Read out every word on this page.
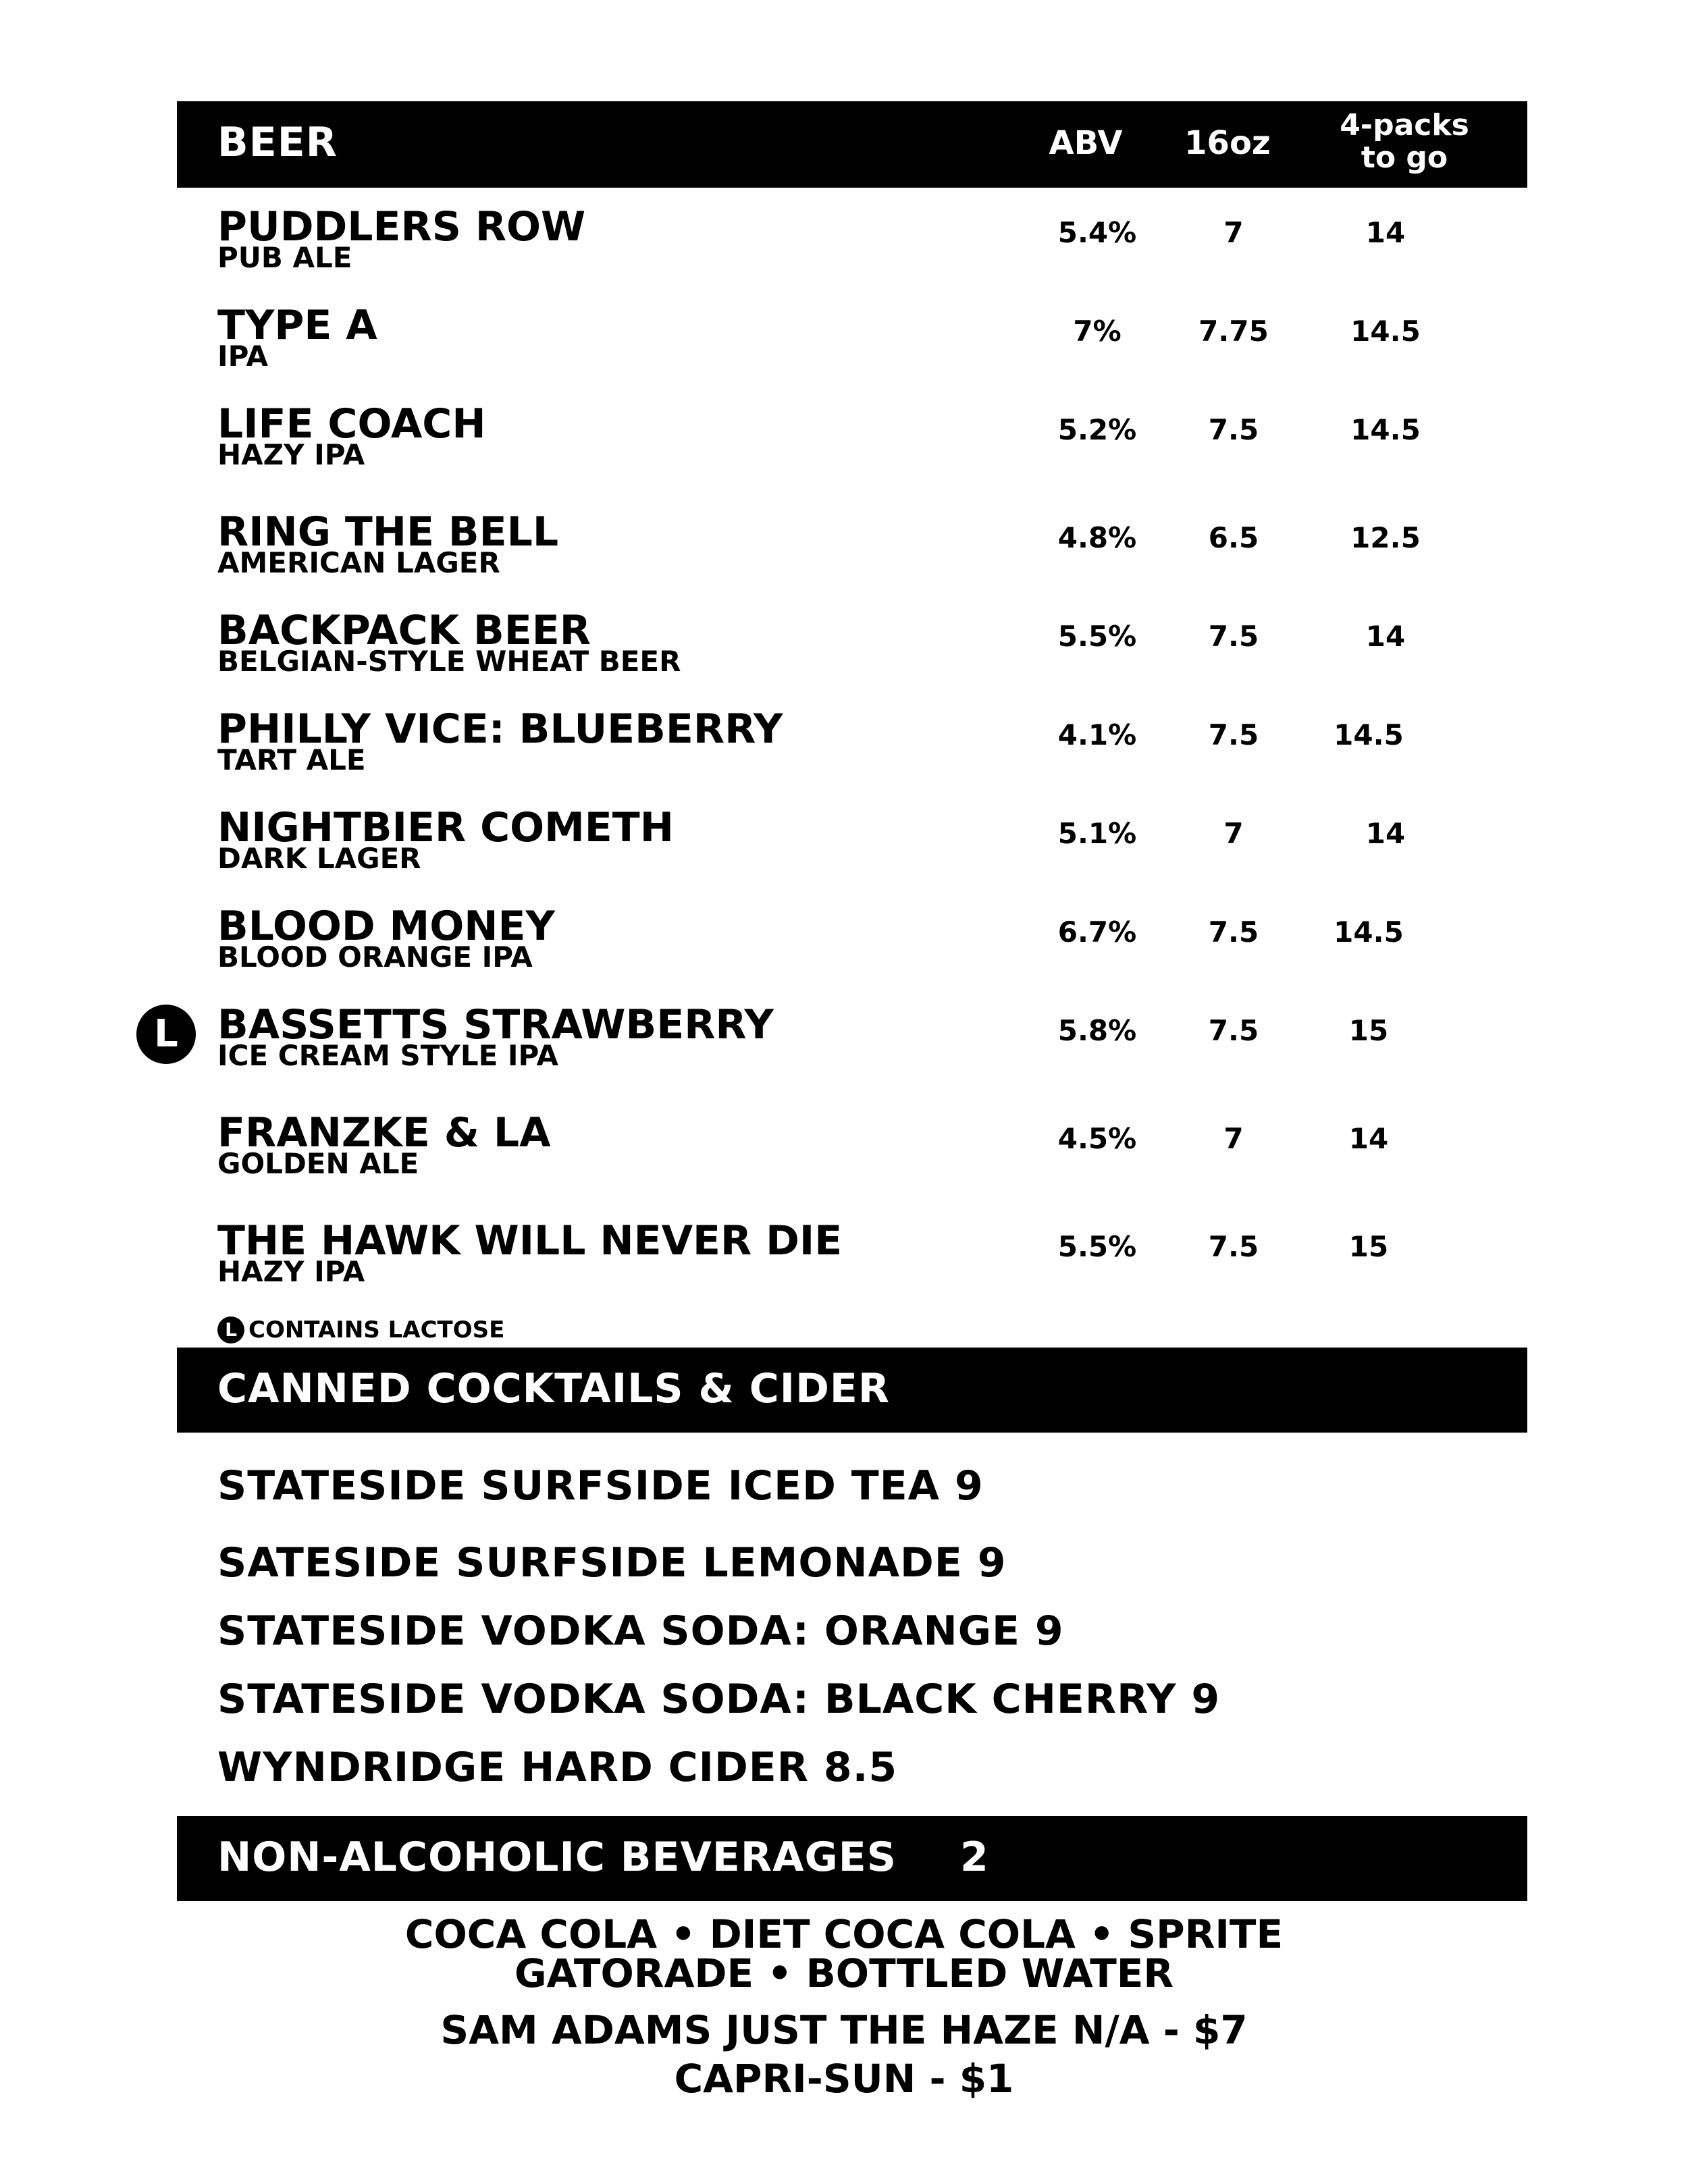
BEER	ABV 16oz 4-packs
to go
PUDDLERS ROW
PUB ALE
5.4%	7	14
TYPE A
IPA
7%	7.75	14.5
LIFE COACH
HAZY IPA
5.2%	7.5	14.5
RING THE BELL
AMERICAN LAGER
4.8%	6.5	12.5
BACKPACK BEER
BELGIAN-STYLE WHEAT BEER
5.5%	7.5	14
PHILLY VICE: BLUEBERRY
TART ALE
4.1%	7.5	14.5
NIGHTBIER COMETH
DARK LAGER
5.1%	7	14
BLOOD MONEY
BLOOD ORANGE IPA
6.7%	7.5	14.5
L BASSETTS STRAWBERRY
ICE CREAM STYLE IPA
5.8%	7.5	15
FRANZKE & LA
GOLDEN ALE
4.5%	7	14
THE HAWK WILL NEVER DIE
HAZY IPA
5.5%	7.5	15
L CONTAINS LACTOSE
CANNED COCKTAILS & CIDER
STATESIDE SURFSIDE ICED TEA 9
SATESIDE SURFSIDE LEMONADE 9
STATESIDE VODKA SODA: ORANGE 9
STATESIDE VODKA SODA: BLACK CHERRY 9
WYNDRIDGE HARD CIDER 8.5
NON-ALCOHOLIC BEVERAGES 2
COCA COLA • DIET COCA COLA • SPRITE
GATORADE • BOTTLED WATER
SAM ADAMS JUST THE HAZE N/A - $7
CAPRI-SUN - $1
